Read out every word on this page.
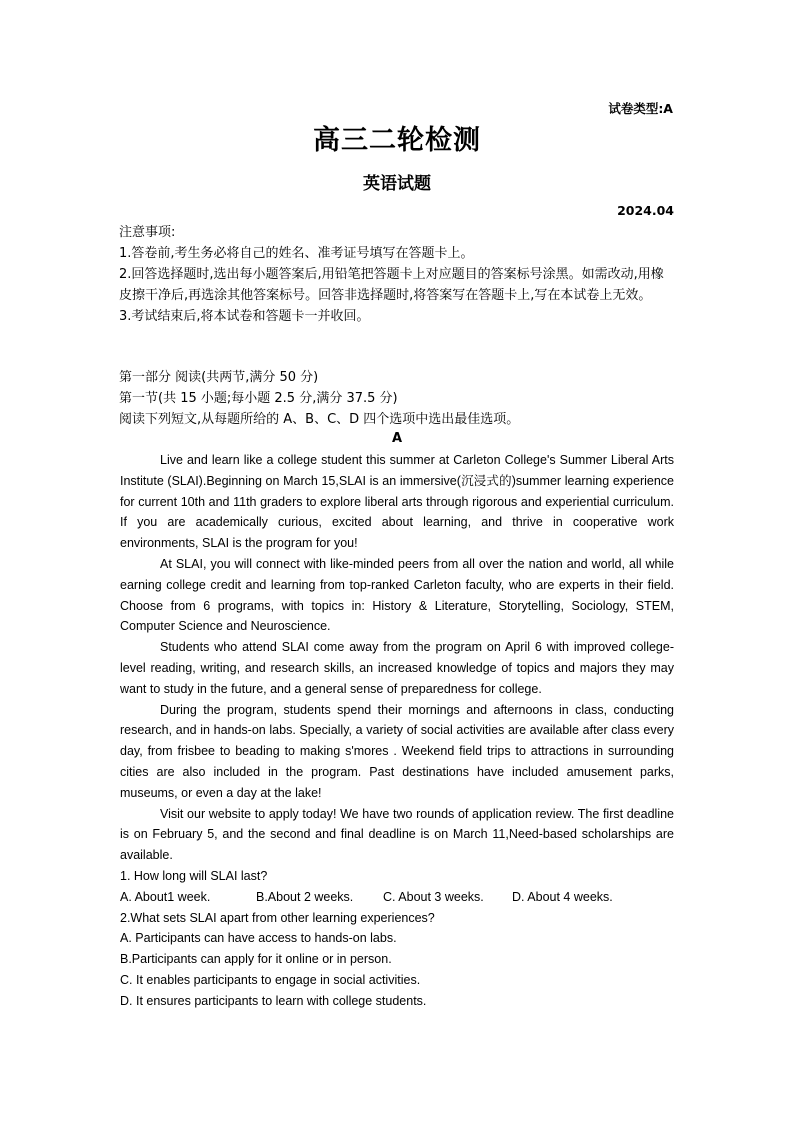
试卷类型:A
高三二轮检测
英语试题
2024.04
注意事项:
1.答卷前,考生务必将自己的姓名、准考证号填写在答题卡上。
2.回答选择题时,选出每小题答案后,用铅笔把答题卡上对应题目的答案标号涂黑。如需改动,用橡皮擦干净后,再选涂其他答案标号。回答非选择题时,将答案写在答题卡上,写在本试卷上无效。
3.考试结束后,将本试卷和答题卡一并收回。
第一部分 阅读(共两节,满分 50 分)
第一节(共 15 小题;每小题 2.5 分,满分 37.5 分)
阅读下列短文,从每题所给的 A、B、C、D 四个选项中选出最佳选项。
A

Live and learn like a college student this summer at Carleton College's Summer Liberal Arts Institute (SLAI).Beginning on March 15,SLAI is an immersive(沉浸式的)summer learning experience for current 10th and 11th graders to explore liberal arts through rigorous and experiential curriculum. If you are academically curious, excited about learning, and thrive in cooperative work environments, SLAI is the program for you!

At SLAI, you will connect with like-minded peers from all over the nation and world, all while earning college credit and learning from top-ranked Carleton faculty, who are experts in their field. Choose from 6 programs, with topics in: History & Literature, Storytelling, Sociology, STEM, Computer Science and Neuroscience.

Students who attend SLAI come away from the program on April 6 with improved college-level reading, writing, and research skills, an increased knowledge of topics and majors they may want to study in the future, and a general sense of preparedness for college.

During the program, students spend their mornings and afternoons in class, conducting research, and in hands-on labs. Specially, a variety of social activities are available after class every day, from frisbee to beading to making s'mores . Weekend field trips to attractions in surrounding cities are also included in the program. Past destinations have included amusement parks, museums, or even a day at the lake!

Visit our website to apply today! We have two rounds of application review. The first deadline is on February 5, and the second and final deadline is on March 11,Need-based scholarships are available.

1. How long will SLAI last?
A. About1 week.	B.About 2 weeks.	C. About 3 weeks.	D. About 4 weeks.
2.What sets SLAI apart from other learning experiences?
A. Participants can have access to hands-on labs.
B.Participants can apply for it online or in person.
C. It enables participants to engage in social activities.
D. It ensures participants to learn with college students.
